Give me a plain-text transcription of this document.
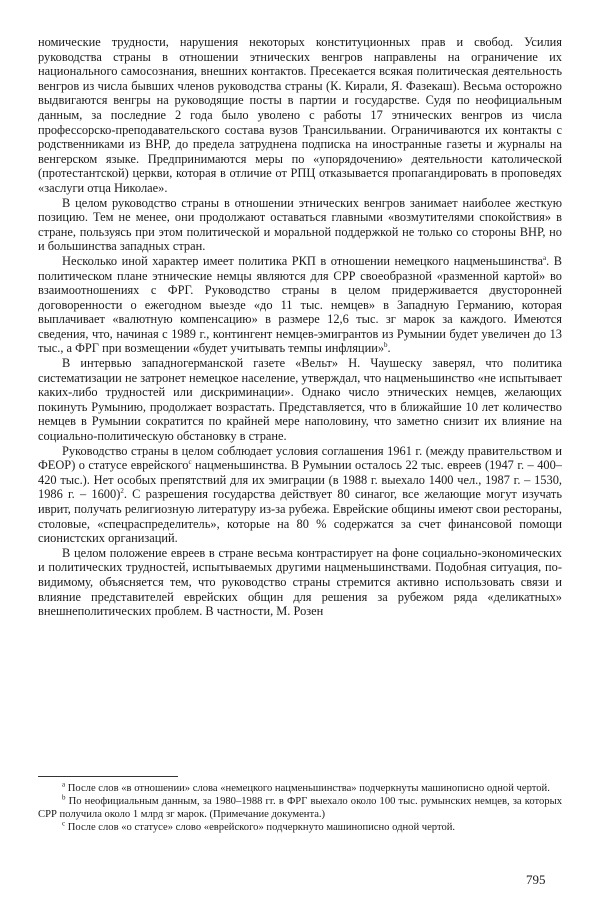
номические трудности, нарушения некоторых конституционных прав и свобод. Усилия руководства страны в отношении этнических венгров направлены на ограничение их национального самосознания, внешних контактов. Пресекается всякая политическая деятельность венгров из числа бывших членов руководства страны (К. Кирали, Я. Фазекаш). Весьма осторожно выдвигаются венгры на руководящие посты в партии и государстве. Судя по неофициальным данным, за последние 2 года было уволено с работы 17 этнических венгров из числа профессорско-преподавательского состава вузов Трансильвании. Ограничиваются их контакты с родственниками из ВНР, до предела затруднена подписка на иностранные газеты и журналы на венгерском языке. Предпринимаются меры по «упорядочению» деятельности католической (протестантской) церкви, которая в отличие от РПЦ отказывается пропагандировать в проповедях «заслуги отца Николае».

В целом руководство страны в отношении этнических венгров занимает наиболее жесткую позицию. Тем не менее, они продолжают оставаться главными «возмутителями спокойствия» в стране, пользуясь при этом политической и моральной поддержкой не только со стороны ВНР, но и большинства западных стран.

Несколько иной характер имеет политика РКП в отношении немецкого нацменьшинства$^a$. В политическом плане этнические немцы являются для СРР своеобразной «разменной картой» во взаимоотношениях с ФРГ. Руководство страны в целом придерживается двусторонней договоренности о ежегодном выезде «до 11 тыс. немцев» в Западную Германию, которая выплачивает «валютную компенсацию» в размере 12,6 тыс. зг марок за каждого. Имеются сведения, что, начиная с 1989 г., контингент немцев-эмигрантов из Румынии будет увеличен до 13 тыс., а ФРГ при возмещении «будет учитывать темпы инфляции»$^b$.

В интервью западногерманской газете «Вельт» Н. Чаушеску заверял, что политика систематизации не затронет немецкое население, утверждал, что нацменьшинство «не испытывает каких-либо трудностей или дискриминации». Однако число этнических немцев, желающих покинуть Румынию, продолжает возрастать. Представляется, что в ближайшие 10 лет количество немцев в Румынии сократится по крайней мере наполовину, что заметно снизит их влияние на социально-политическую обстановку в стране.

Руководство страны в целом соблюдает условия соглашения 1961 г. (между правительством и ФЕОР) о статусе еврейского$^c$ нацменьшинства. В Румынии осталось 22 тыс. евреев (1947 г. – 400–420 тыс.). Нет особых препятствий для их эмиграции (в 1988 г. выехало 1400 чел., 1987 г. – 1530, 1986 г. – 1600)$^2$. С разрешения государства действует 80 синагог, все желающие могут изучать иврит, получать религиозную литературу из-за рубежа. Еврейские общины имеют свои рестораны, столовые, «спецраспределитель», которые на 80 % содержатся за счет финансовой помощи сионистских организаций.

В целом положение евреев в стране весьма контрастирует на фоне социально-экономических и политических трудностей, испытываемых другими нацменьшинствами. Подобная ситуация, по-видимому, объясняется тем, что руководство страны стремится активно использовать связи и влияние представителей еврейских общин для решения за рубежом ряда «деликатных» внешнеполитических проблем. В частности, М. Розен

$^a$ После слов «в отношении» слова «немецкого нацменьшинства» подчеркнуты машинописно одной чертой.

$^b$ По неофициальным данным, за 1980–1988 гг. в ФРГ выехало около 100 тыс. румынских немцев, за которых СРР получила около 1 млрд зг марок. (Примечание документа.)

$^c$ После слов «о статусе» слово «еврейского» подчеркнуто машинописно одной чертой.

795
